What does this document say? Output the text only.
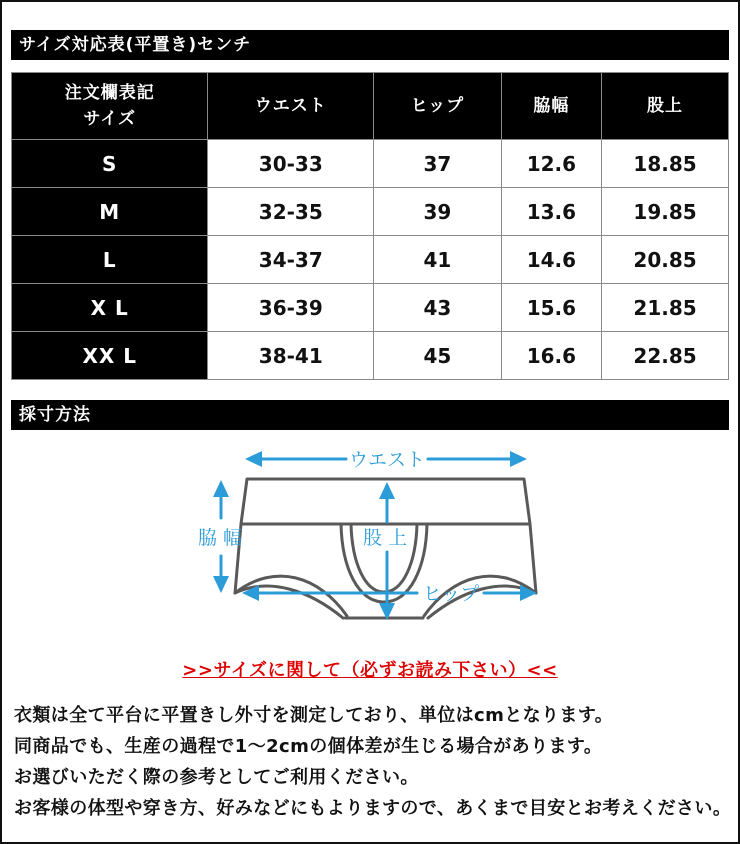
サイズ対応表(平置き)センチ
注文欄表記
サイズ	ウエスト	ヒップ	脇幅	股上
S	30-33	37	12.6	18.85
M	32-35	39	13.6	19.85
L	34-37	41	14.6	20.85
X L	36-39	43	15.6	21.85
XX L	38-41	45	16.6	22.85
採寸方法
ウエスト
脇 幅	股 上
ヒップ
>>サイズに関して（必ずお読み下さい）<<

衣類は全て平台に平置きし外寸を測定しており、単位はcmとなります。

同商品でも、生産の過程で1～2cmの個体差が生じる場合があります。

お選びいただく際の参考としてご利用ください。

お客様の体型や穿き方、好みなどにもよりますので、あくまで目安とお考えください。
